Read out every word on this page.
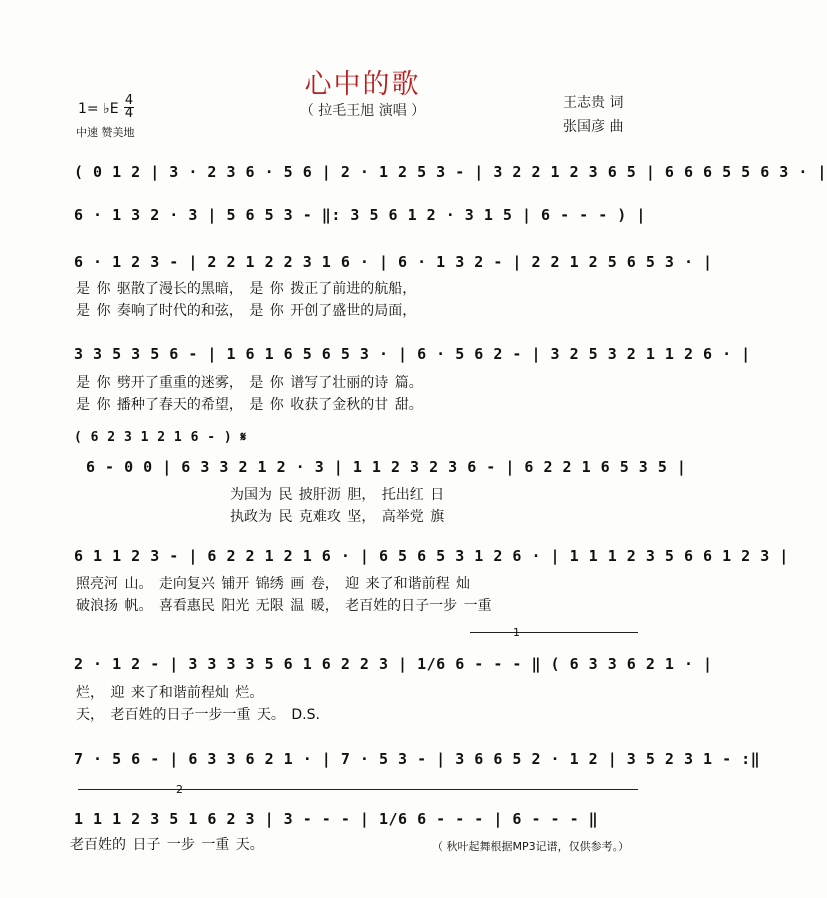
心中的歌
（ 拉毛王旭 演唱 ）	王志贵 词
张国彦 曲
1= ♭E
4
4
中速 赞美地
( 0 1 2 | 3 · 2 3 6 · 5 6 | 2 · 1 2 5 3 - | 3 2 2 1 2 3 6 5 | 6 6 6 5 5 6 3 · |
6 · 1 3 2 · 3 | 5 6 5 3 - ‖: 3 5 6 1 2 · 3 1 5 | 6 - - - ) |
6 · 1 2 3 - | 2 2 1 2 2 3 1 6 · | 6 · 1 3 2 - | 2 2 1 2 5 6 5 3 · |
是 你 驱散了漫长的黑暗， 是 你 拨正了前进的航船，
是 你 奏响了时代的和弦， 是 你 开创了盛世的局面，
3 3 5 3 5 6 - | 1 6 1 6 5 6 5 3 · | 6 · 5 6 2 - | 3 2 5 3 2 1 1 2 6 · |
是 你 劈开了重重的迷雾， 是 你 谱写了壮丽的诗 篇。
是 你 播种了春天的希望， 是 你 收获了金秋的甘 甜。
( 6 2 3 1 2 1 6 - ) 𝄋
6 - 0 0 | 6 3 3 2 1 2 · 3 | 1 1 2 3 2 3 6 - | 6 2 2 1 6 5 3 5 |
为国为 民 披肝沥 胆， 托出红 日
执政为 民 克难攻 坚， 高举党 旗
6 1 1 2 3 - | 6 2 2 1 2 1 6 · | 6 5 6 5 3 1 2 6 · | 1 1 1 2 3 5 6 6 1 2 3 |
照亮河 山。 走向复兴 铺开 锦绣 画 卷， 迎 来了和谐前程 灿
破浪扬 帆。 喜看惠民 阳光 无限 温 暖， 老百姓的日子一步 一重
1
2 · 1 2 - | 3 3 3 3 5 6 1 6 2 2 3 | 1/6 6 - - - ‖ ( 6 3 3 6 2 1 · |
烂， 迎 来了和谐前程灿 烂。
天， 老百姓的日子一步一重 天。 D.S.
7 · 5 6 - | 6 3 3 6 2 1 · | 7 · 5 3 - | 3 6 6 5 2 · 1 2 | 3 5 2 3 1 - :‖
2
1 1 1 2 3 5 1 6 2 3 | 3 - - - | 1/6 6 - - - | 6 - - - ‖
老百姓的 日子 一步 一重 天。	（ 秋叶起舞根据MP3记谱，仅供参考。）
